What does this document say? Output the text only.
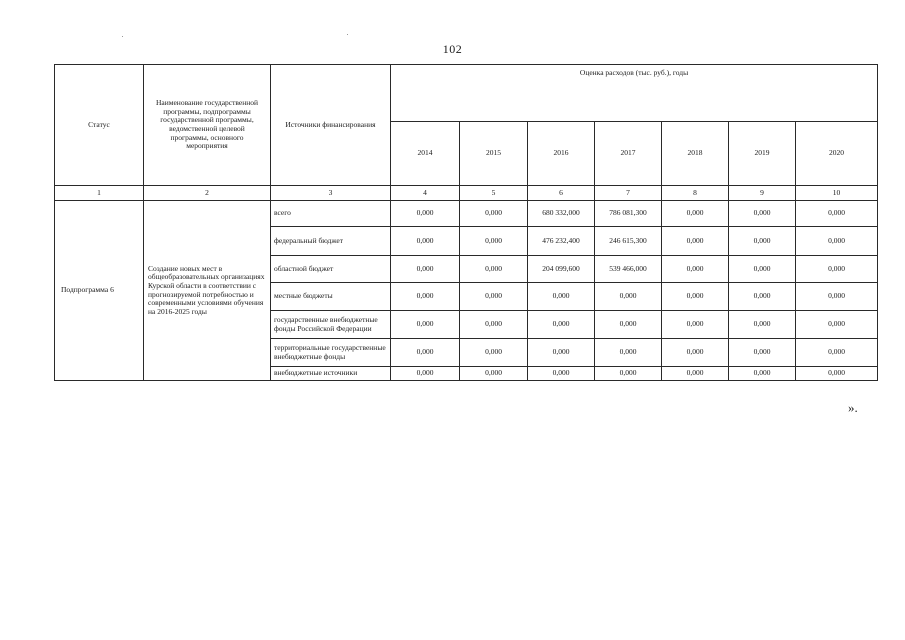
102
Статус	Наименование государственной программы, подпрограммы государственной программы, ведомственной целевой программы, основного мероприятия	Источники финансирования	Оценка расходов (тыс. руб.), годы						
			2014	2015	2016	2017	2018	2019	2020
1	2	3	4	5	6	7	8	9	10
Подпрограмма 6	Создание новых мест в общеобразовательных организациях Курской области в соответствии с прогнозируемой потребностью и современными условиями обучения на 2016-2025 годы	всего	0,000	0,000	680 332,000	786 081,300	0,000	0,000	0,000
		федеральный бюджет	0,000	0,000	476 232,400	246 615,300	0,000	0,000	0,000
		областной бюджет	0,000	0,000	204 099,600	539 466,000	0,000	0,000	0,000
		местные бюджеты	0,000	0,000	0,000	0,000	0,000	0,000	0,000
		государственные внебюджетные фонды Российской Федерации	0,000	0,000	0,000	0,000	0,000	0,000	0,000
		территориальные государственные внебюджетные фонды	0,000	0,000	0,000	0,000	0,000	0,000	0,000
		внебюджетные источники	0,000	0,000	0,000	0,000	0,000	0,000	0,000
».
